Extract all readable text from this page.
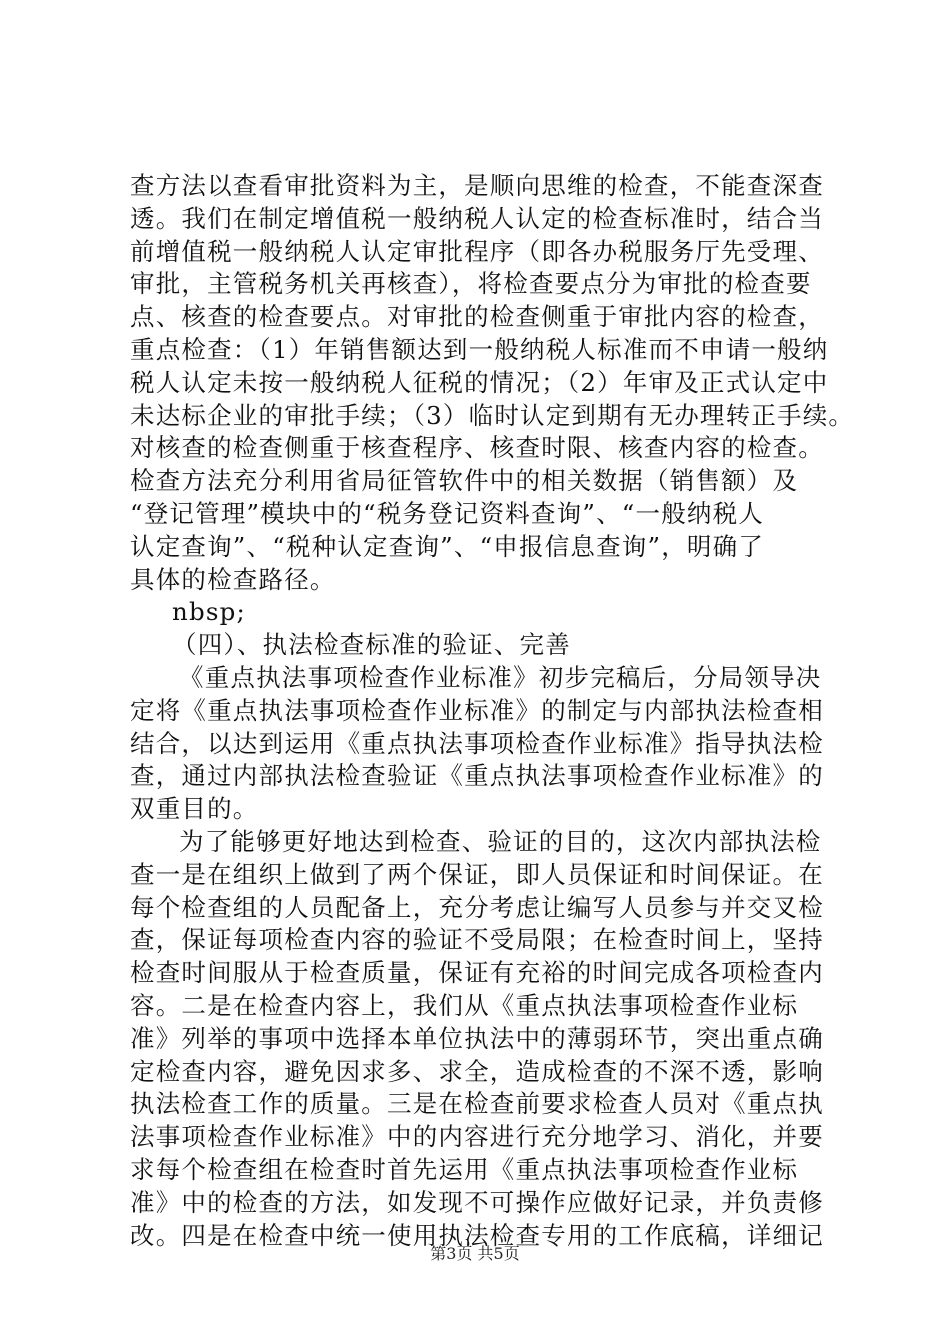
查方法以查看审批资料为主，是顺向思维的检查，不能查深查
透。我们在制定增值税一般纳税人认定的检查标准时，结合当
前增值税一般纳税人认定审批程序（即各办税服务厅先受理、
审批，主管税务机关再核查），将检查要点分为审批的检查要
点、核查的检查要点。对审批的检查侧重于审批内容的检查，
重点检查：（1）年销售额达到一般纳税人标准而不申请一般纳
税人认定未按一般纳税人征税的情况；（2）年审及正式认定中
未达标企业的审批手续；（3）临时认定到期有无办理转正手续。
对核查的检查侧重于核查程序、核查时限、核查内容的检查。
检查方法充分利用省局征管软件中的相关数据（销售额）及
“登记管理”模块中的“税务登记资料查询”、“一般纳税人
认定查询”、“税种认定查询”、“申报信息查询”，明确了
具体的检查路径。
nbsp;
（四）、执法检查标准的验证、完善
《重点执法事项检查作业标准》初步完稿后，分局领导决
定将《重点执法事项检查作业标准》的制定与内部执法检查相
结合，以达到运用《重点执法事项检查作业标准》指导执法检
查，通过内部执法检查验证《重点执法事项检查作业标准》的
双重目的。
为了能够更好地达到检查、验证的目的，这次内部执法检
查一是在组织上做到了两个保证，即人员保证和时间保证。在
每个检查组的人员配备上，充分考虑让编写人员参与并交叉检
查，保证每项检查内容的验证不受局限；在检查时间上，坚持
检查时间服从于检查质量，保证有充裕的时间完成各项检查内
容。二是在检查内容上，我们从《重点执法事项检查作业标
准》列举的事项中选择本单位执法中的薄弱环节，突出重点确
定检查内容，避免因求多、求全，造成检查的不深不透，影响
执法检查工作的质量。三是在检查前要求检查人员对《重点执
法事项检查作业标准》中的内容进行充分地学习、消化，并要
求每个检查组在检查时首先运用《重点执法事项检查作业标
准》中的检查的方法，如发现不可操作应做好记录，并负责修
改。四是在检查中统一使用执法检查专用的工作底稿，详细记
第3页 共5页
